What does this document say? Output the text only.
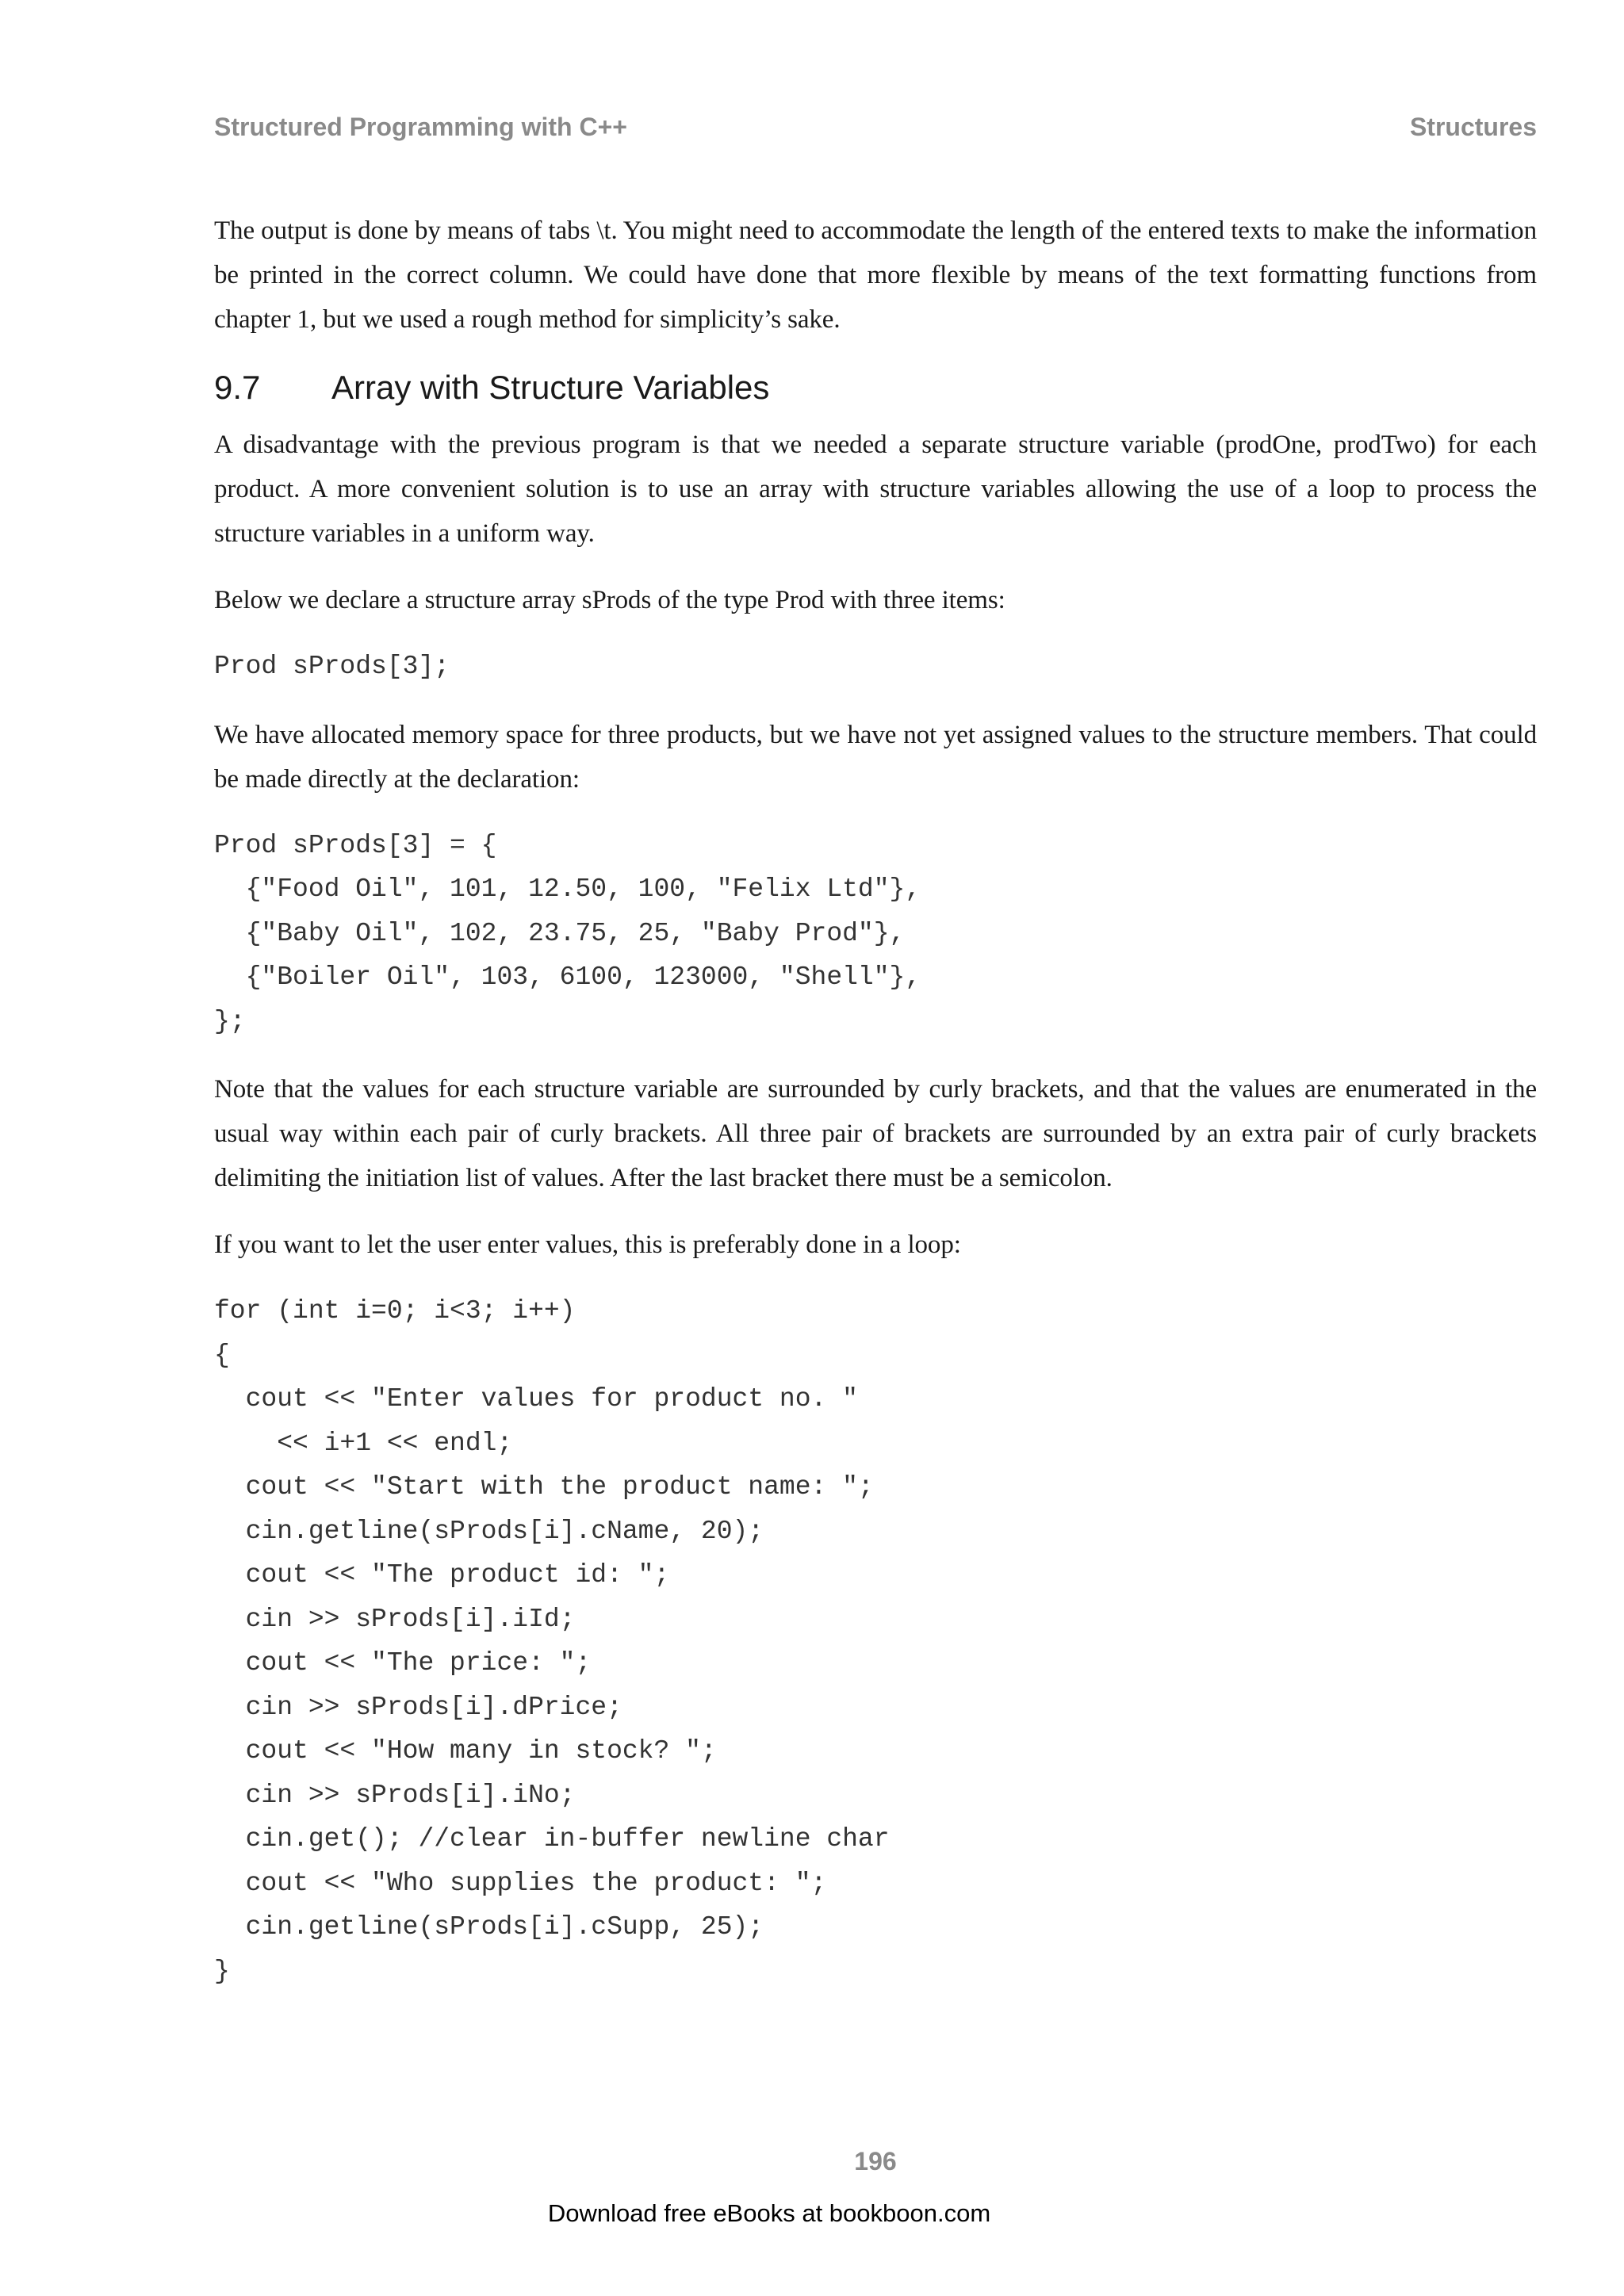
Structured Programming with C++	Structures

The output is done by means of tabs \t. You might need to accommodate the length of the entered texts to make the information be printed in the correct column. We could have done that more flexible by means of the text formatting functions from chapter 1, but we used a rough method for simplicity’s sake.

9.7	Array with Structure Variables

A disadvantage with the previous program is that we needed a separate structure variable (prodOne, prodTwo) for each product. A more convenient solution is to use an array with structure variables allowing the use of a loop to process the structure variables in a uniform way.

Below we declare a structure array sProds of the type Prod with three items:

Prod sProds[3];

We have allocated memory space for three products, but we have not yet assigned values to the structure members. That could be made directly at the declaration:

Prod sProds[3] = {
{"Food Oil", 101, 12.50, 100, "Felix Ltd"},
{"Baby Oil", 102, 23.75, 25, "Baby Prod"},
{"Boiler Oil", 103, 6100, 123000, "Shell"},
};

Note that the values for each structure variable are surrounded by curly brackets, and that the values are enumerated in the usual way within each pair of curly brackets. All three pair of brackets are surrounded by an extra pair of curly brackets delimiting the initiation list of values. After the last bracket there must be a semicolon.

If you want to let the user enter values, this is preferably done in a loop:

for (int i=0; i<3; i++)
{
cout << "Enter values for product no. "
<< i+1 << endl;
cout << "Start with the product name: ";
cin.getline(sProds[i].cName, 20);
cout << "The product id: ";
cin >> sProds[i].iId;
cout << "The price: ";
cin >> sProds[i].dPrice;
cout << "How many in stock? ";
cin >> sProds[i].iNo;
cin.get(); //clear in-buffer newline char
cout << "Who supplies the product: ";
cin.getline(sProds[i].cSupp, 25);
}
196
Download free eBooks at bookboon.com
